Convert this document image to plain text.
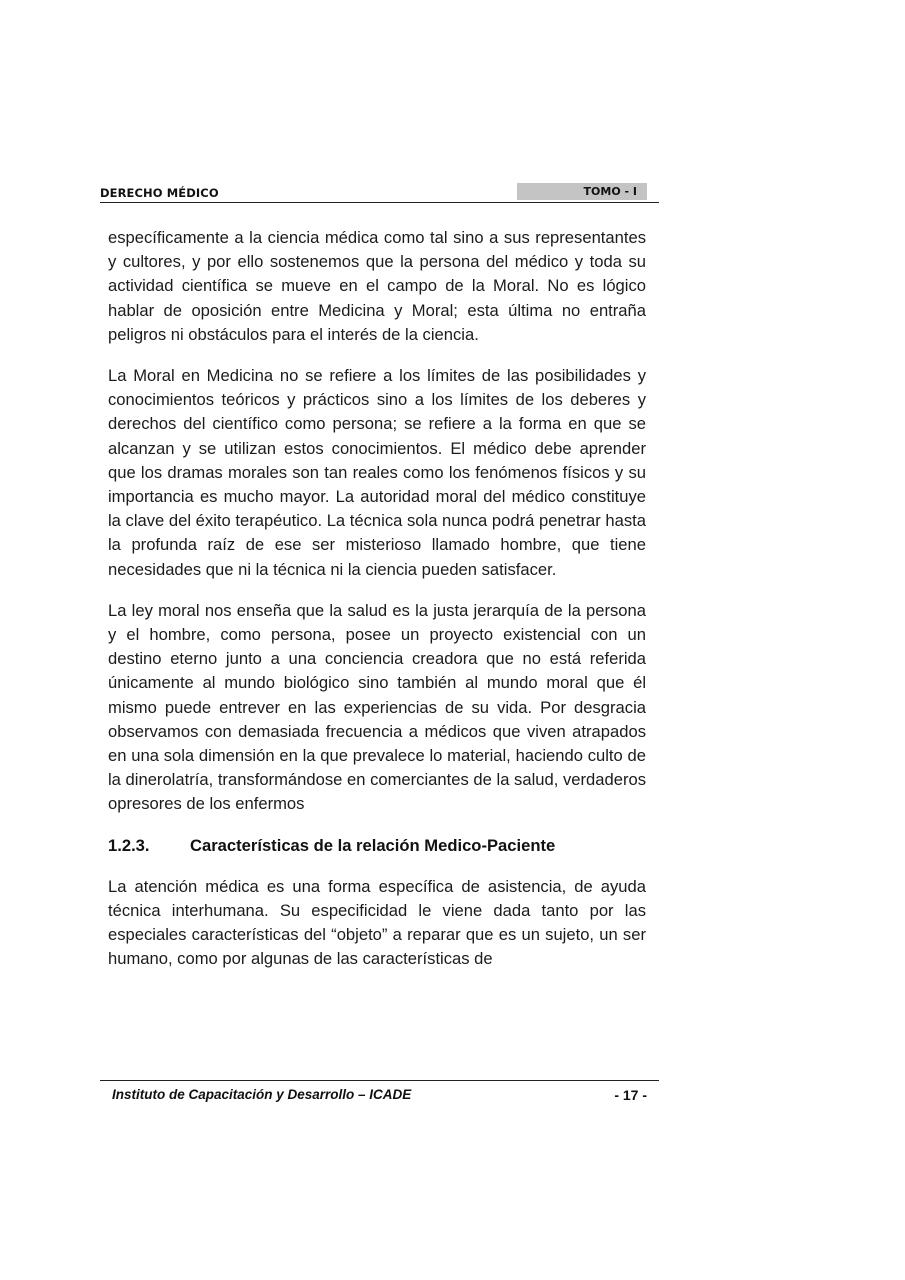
DERECHO MÉDICO	TOMO - I

específicamente a la ciencia médica como tal sino a sus representantes y cultores, y por ello sostenemos que la persona del médico y toda su actividad científica se mueve en el campo de la Moral. No es lógico hablar de oposición entre Medicina y Moral; esta última no entraña peligros ni obstáculos para el interés de la ciencia.

La Moral en Medicina no se refiere a los límites de las posibilidades y conocimientos teóricos y prácticos sino a los límites de los deberes y derechos del científico como persona; se refiere a la forma en que se alcanzan y se utilizan estos conocimientos. El médico debe aprender que los dramas morales son tan reales como los fenómenos físicos y su importancia es mucho mayor. La autoridad moral del médico constituye la clave del éxito terapéutico. La técnica sola nunca podrá penetrar hasta la profunda raíz de ese ser misterioso llamado hombre, que tiene necesidades que ni la técnica ni la ciencia pueden satisfacer.

La ley moral nos enseña que la salud es la justa jerarquía de la persona y el hombre, como persona, posee un proyecto existencial con un destino eterno junto a una conciencia creadora que no está referida únicamente al mundo biológico sino también al mundo moral que él mismo puede entrever en las experiencias de su vida. Por desgracia observamos con demasiada frecuencia a médicos que viven atrapados en una sola dimensión en la que prevalece lo material, haciendo culto de la dinerolatría, transformándose en comerciantes de la salud, verdaderos opresores de los enfermos

1.2.3. Características de la relación Medico-Paciente

La atención médica es una forma específica de asistencia, de ayuda técnica interhumana. Su especificidad le viene dada tanto por las especiales características del “objeto” a reparar que es un sujeto, un ser humano, como por algunas de las características de

Instituto de Capacitación y Desarrollo – ICADE	- 17 -
